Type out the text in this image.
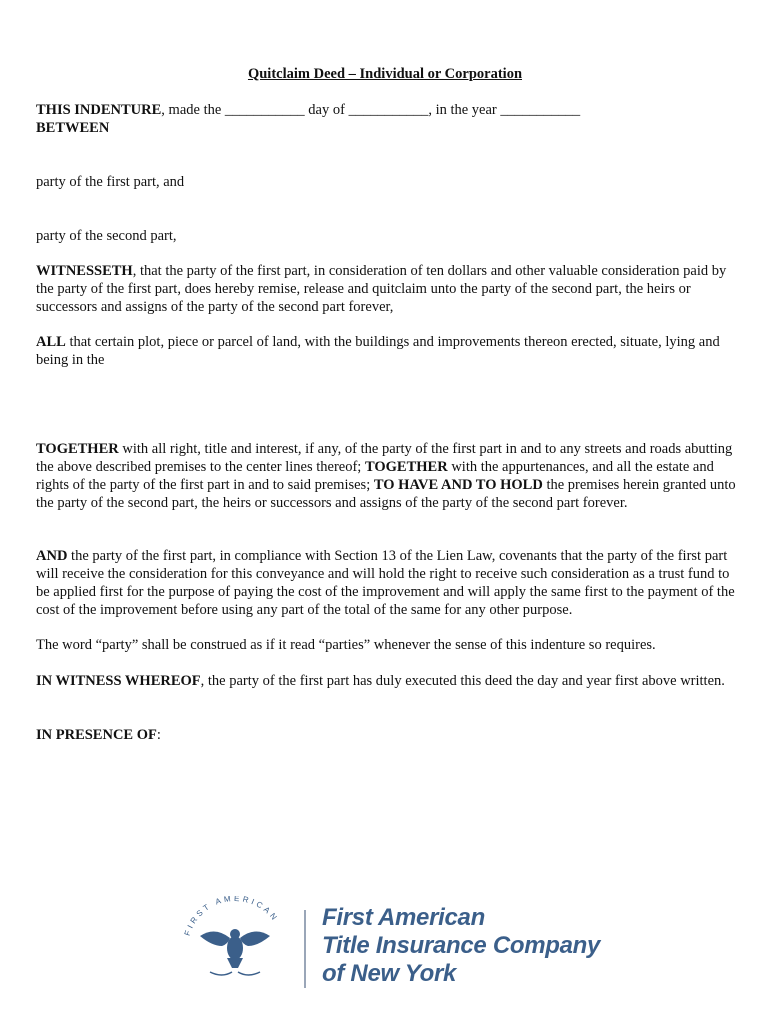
Quitclaim Deed – Individual or Corporation

THIS INDENTURE, made the ___________ day of ___________, in the year ___________
BETWEEN

party of the first part, and

party of the second part,

WITNESSETH, that the party of the first part, in consideration of ten dollars and other valuable consideration paid by the party of the first part, does hereby remise, release and quitclaim unto the party of the second part, the heirs or successors and assigns of the party of the second part forever,

ALL that certain plot, piece or parcel of land, with the buildings and improvements thereon erected, situate, lying and being in the

TOGETHER with all right, title and interest, if any, of the party of the first part in and to any streets and roads abutting the above described premises to the center lines thereof; TOGETHER with the appurtenances, and all the estate and rights of the party of the first part in and to said premises; TO HAVE AND TO HOLD the premises herein granted unto the party of the second part, the heirs or successors and assigns of the party of the second part forever.

AND the party of the first part, in compliance with Section 13 of the Lien Law, covenants that the party of the first part will receive the consideration for this conveyance and will hold the right to receive such consideration as a trust fund to be applied first for the purpose of paying the cost of the improvement and will apply the same first to the payment of the cost of the improvement before using any part of the total of the same for any other purpose.

The word “party” shall be construed as if it read “parties” whenever the sense of this indenture so requires.

IN WITNESS WHEREOF, the party of the first part has duly executed this deed the day and year first above written.

IN PRESENCE OF:

FIRST AMERICAN First American
Title Insurance Company
of New York
